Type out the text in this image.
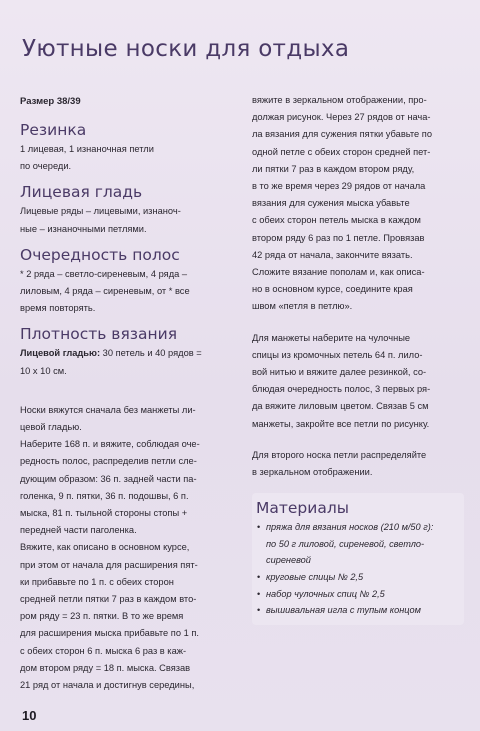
Уютные носки для отдыха
Размер 38/39
Резинка

1 лицевая, 1 изнаночная петли
по очереди.

Лицевая гладь

Лицевые ряды – лицевыми, изнаноч-
ные – изнаночными петлями.

Очередность полос

* 2 ряда – светло-сиреневым, 4 ряда –
лиловым, 4 ряда – сиреневым, от * все
время повторять.

Плотность вязания

Лицевой гладью: 30 петель и 40 рядов =
10 х 10 см.

Носки вяжутся сначала без манжеты ли-
цевой гладью.

Наберите 168 п. и вяжите, соблюдая оче-
редность полос, распределив петли сле-
дующим образом: 36 п. задней части па-
голенка, 9 п. пятки, 36 п. подошвы, 6 п.
мыска, 81 п. тыльной стороны стопы +
передней части паголенка.

Вяжите, как описано в основном курсе,
при этом от начала для расширения пят-
ки прибавьте по 1 п. с обеих сторон
средней петли пятки 7 раз в каждом вто-
ром ряду = 23 п. пятки. В то же время
для расширения мыска прибавьте по 1 п.
с обеих сторон 6 п. мыска 6 раз в каж-
дом втором ряду = 18 п. мыска. Связав
21 ряд от начала и достигнув середины,

вяжите в зеркальном отображении, про-
должая рисунок. Через 27 рядов от нача-
ла вязания для сужения пятки убавьте по
одной петле с обеих сторон средней пет-
ли пятки 7 раз в каждом втором ряду,
в то же время через 29 рядов от начала
вязания для сужения мыска убавьте
с обеих сторон петель мыска в каждом
втором ряду 6 раз по 1 петле. Провязав
42 ряда от начала, закончите вязать.
Сложите вязание пополам и, как описа-
но в основном курсе, соедините края
швом «петля в петлю».

Для манжеты наберите на чулочные
спицы из кромочных петель 64 п. лило-
вой нитью и вяжите далее резинкой, со-
блюдая очередность полос, 3 первых ря-
да вяжите лиловым цветом. Связав 5 см
манжеты, закройте все петли по рисунку.

Для второго носка петли распределяйте
в зеркальном отображении.

Материалы
• пряжа для вязания носков (210 м/50 г):
по 50 г лиловой, сиреневой, светло-
сиреневой
• круговые спицы № 2,5
• набор чулочных спиц № 2,5
• вышивальная игла с тупым концом
10
